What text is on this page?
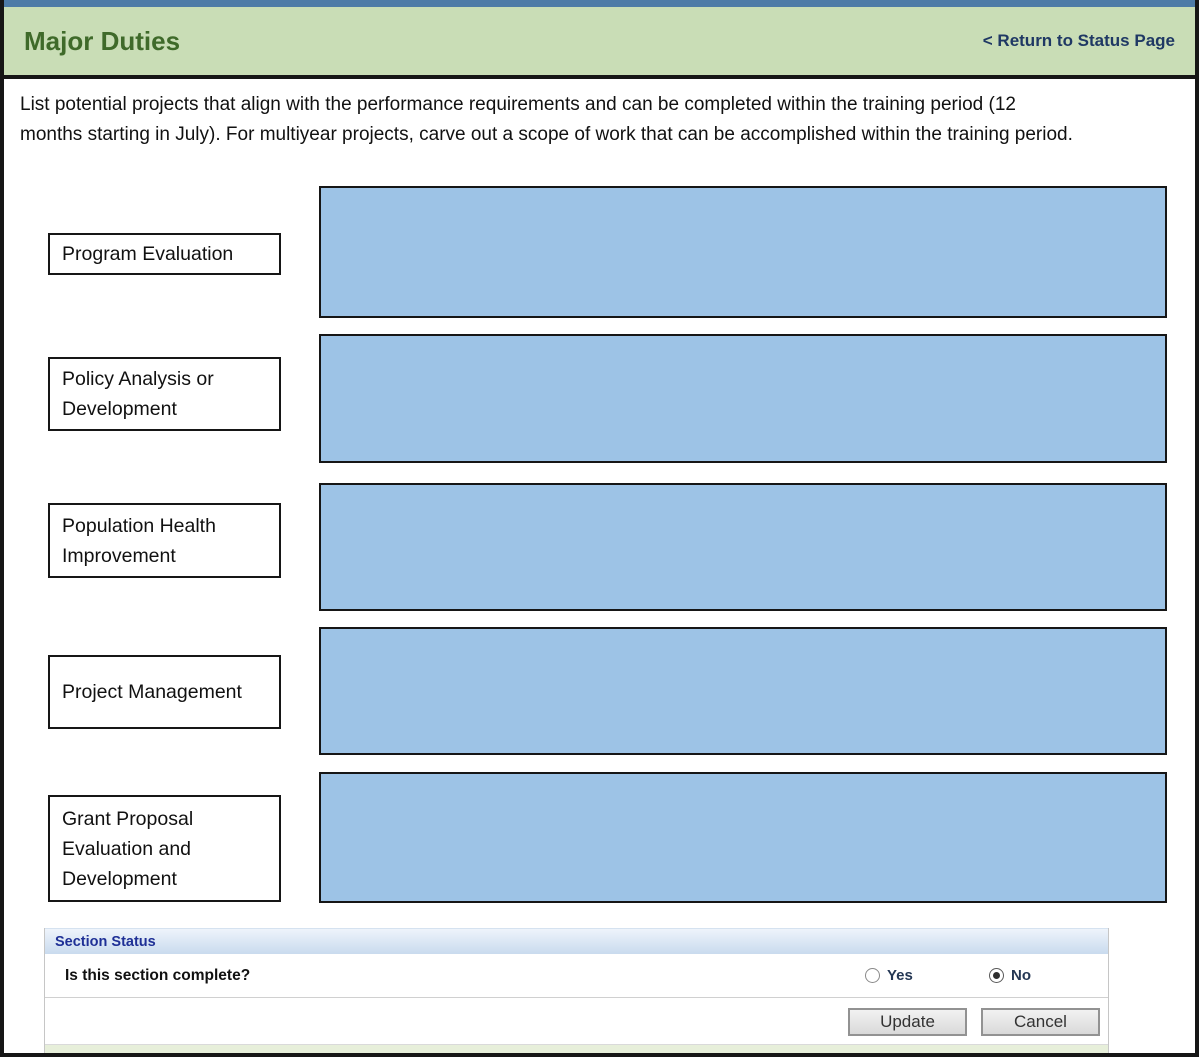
Major Duties	< Return to Status Page
List potential projects that align with the performance requirements and can be completed within the training period (12 months starting in July). For multiyear projects, carve out a scope of work that can be accomplished within the training period.
Program Evaluation
Policy Analysis or Development
Population Health Improvement
Project Management
Grant Proposal Evaluation and Development
Section Status
Is this section complete?	Yes	No
Update	Cancel
